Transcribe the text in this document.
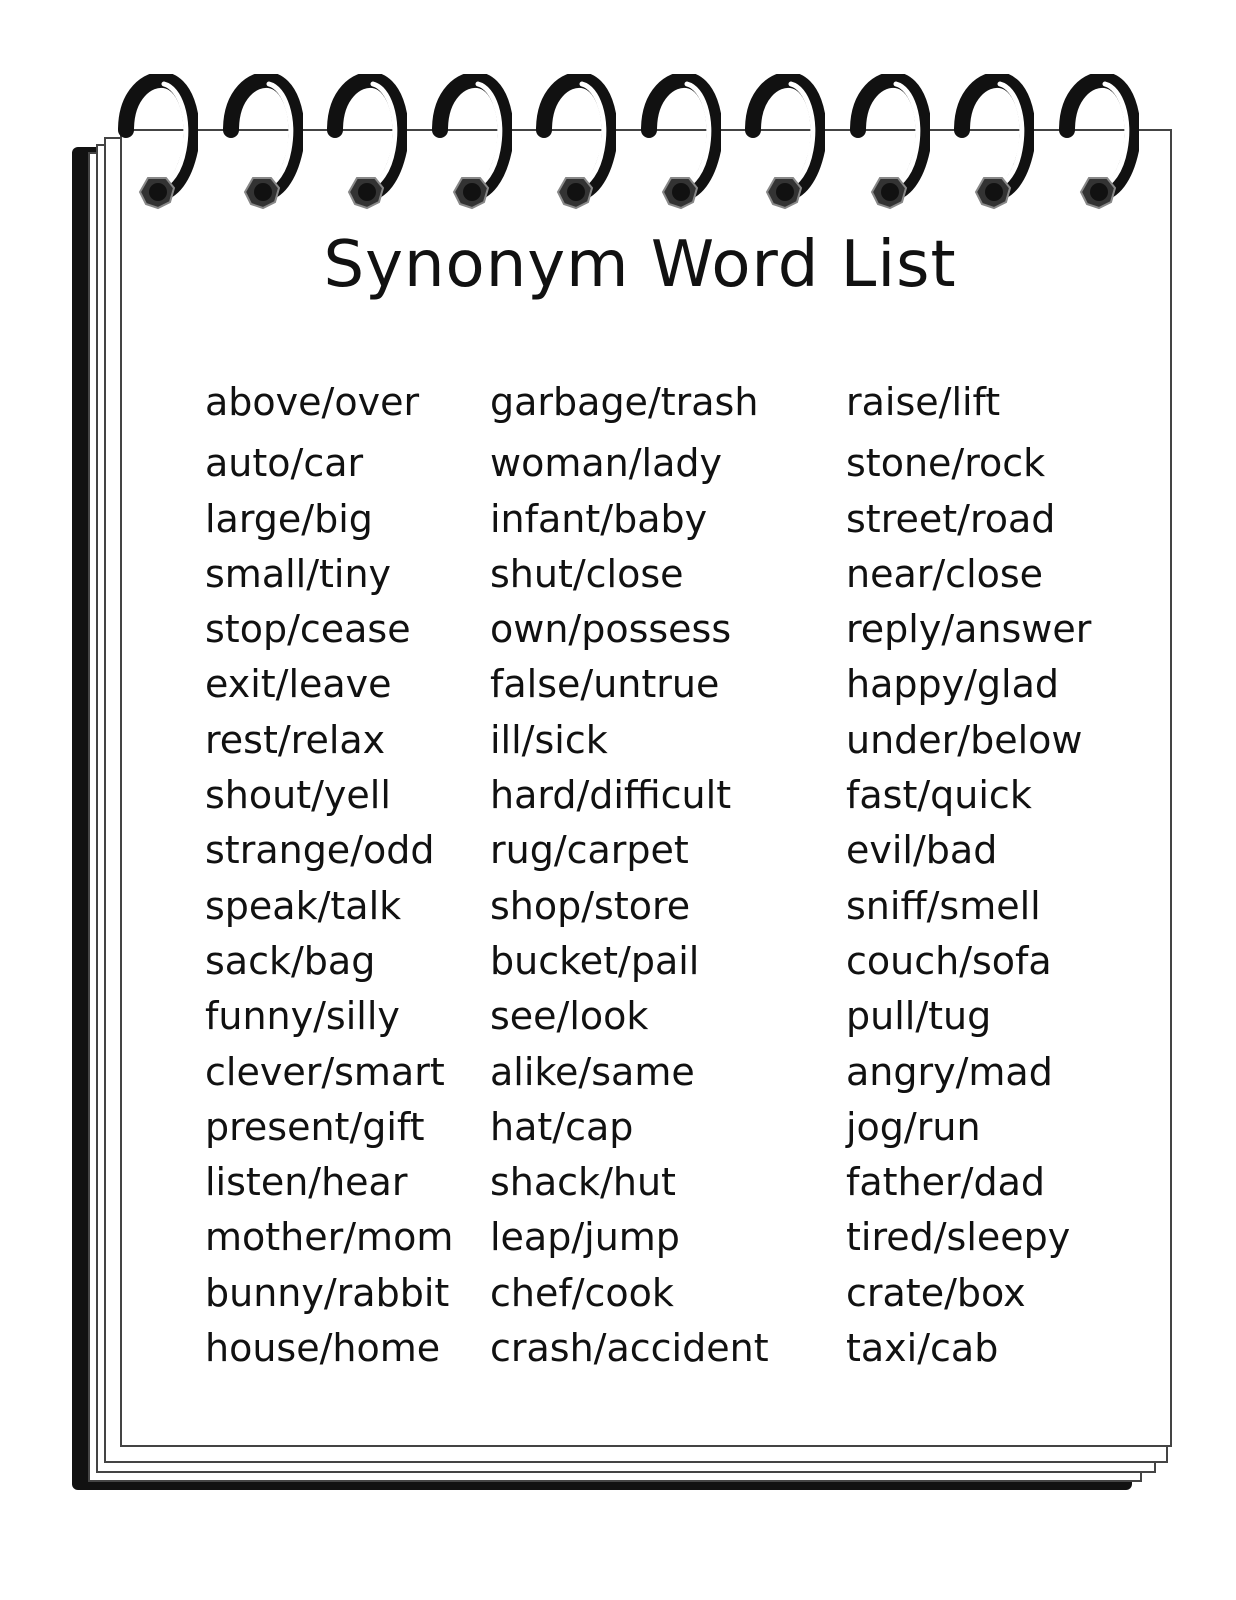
Synonym Word List
above/over
auto/car
large/big
small/tiny
stop/cease
exit/leave
rest/relax
shout/yell
strange/odd
speak/talk
sack/bag
funny/silly
clever/smart
present/gift
listen/hear
mother/mom
bunny/rabbit
house/home
garbage/trash
woman/lady
infant/baby
shut/close
own/possess
false/untrue
ill/sick
hard/difficult
rug/carpet
shop/store
bucket/pail
see/look
alike/same
hat/cap
shack/hut
leap/jump
chef/cook
crash/accident
raise/lift
stone/rock
street/road
near/close
reply/answer
happy/glad
under/below
fast/quick
evil/bad
sniff/smell
couch/sofa
pull/tug
angry/mad
jog/run
father/dad
tired/sleepy
crate/box
taxi/cab
